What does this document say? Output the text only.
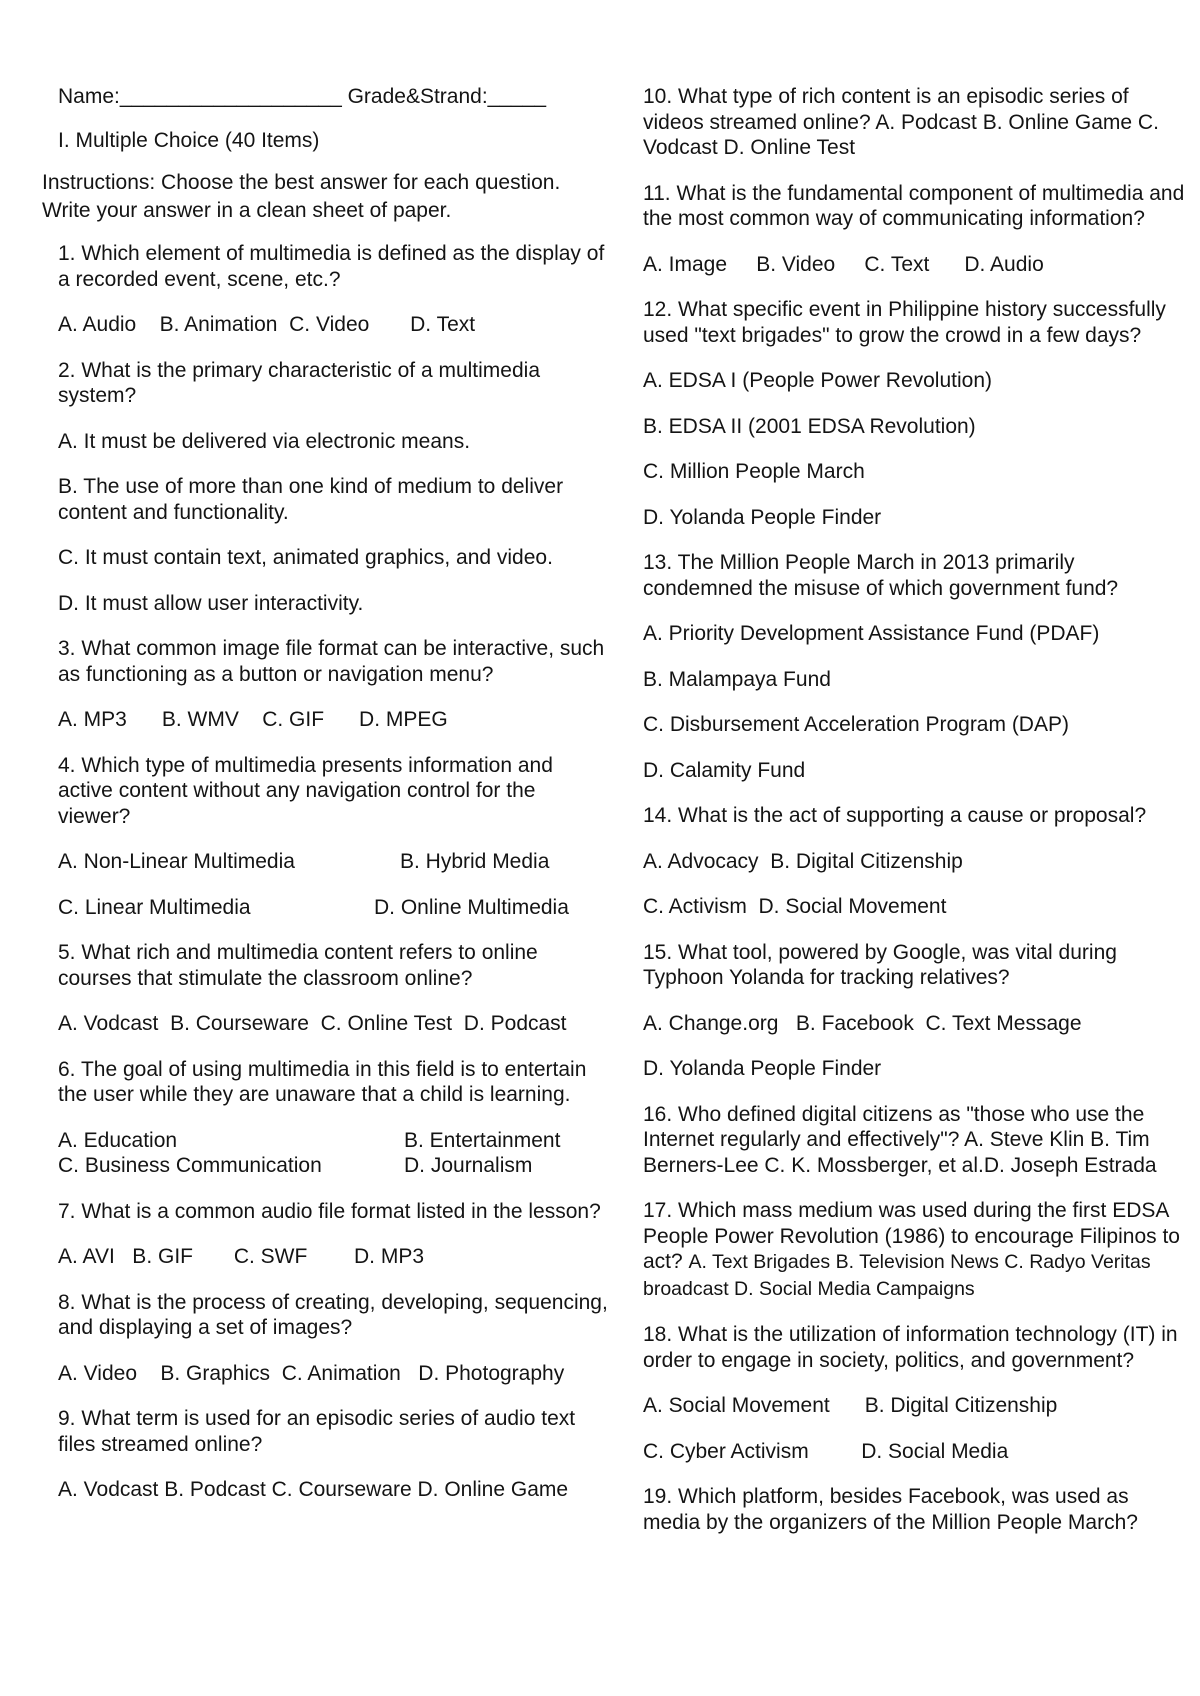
Name:___________________ Grade&Strand:_____
I. Multiple Choice (40 Items)
Instructions: Choose the best answer for each question. Write your answer in a clean sheet of paper.
1. Which element of multimedia is defined as the display of a recorded event, scene, etc.?
A. Audio    B. Animation  C. Video       D. Text
2. What is the primary characteristic of a multimedia system?
A. It must be delivered via electronic means.
B. The use of more than one kind of medium to deliver content and functionality.
C. It must contain text, animated graphics, and video.
D. It must allow user interactivity.
3. What common image file format can be interactive, such as functioning as a button or navigation menu?
A. MP3      B. WMV    C. GIF      D. MPEG
4. Which type of multimedia presents information and active content without any navigation control for the viewer?
A. Non-Linear Multimedia	B. Hybrid Media
C. Linear Multimedia	D. Online Multimedia
5. What rich and multimedia content refers to online courses that stimulate the classroom online?
A. Vodcast  B. Courseware  C. Online Test  D. Podcast
6. The goal of using multimedia in this field is to entertain the user while they are unaware that a child is learning.
A. Education	B. Entertainment
C. Business Communication	D. Journalism
7. What is a common audio file format listed in the lesson?
A. AVI   B. GIF       C. SWF        D. MP3
8. What is the process of creating, developing, sequencing, and displaying a set of images?
A. Video    B. Graphics  C. Animation   D. Photography
9. What term is used for an episodic series of audio text files streamed online?
A. Vodcast B. Podcast C. Courseware D. Online Game
10. What type of rich content is an episodic series of videos streamed online? A. Podcast B. Online Game C. Vodcast D. Online Test
11. What is the fundamental component of multimedia and the most common way of communicating information?
A. Image     B. Video     C. Text      D. Audio
12. What specific event in Philippine history successfully used "text brigades" to grow the crowd in a few days?
A. EDSA I (People Power Revolution)
B. EDSA II (2001 EDSA Revolution)
C. Million People March
D. Yolanda People Finder
13. The Million People March in 2013 primarily condemned the misuse of which government fund?
A. Priority Development Assistance Fund (PDAF)
B. Malampaya Fund
C. Disbursement Acceleration Program (DAP)
D. Calamity Fund
14. What is the act of supporting a cause or proposal?
A. Advocacy  B. Digital Citizenship
C. Activism  D. Social Movement
15. What tool, powered by Google, was vital during Typhoon Yolanda for tracking relatives?
A. Change.org   B. Facebook  C. Text Message
D. Yolanda People Finder
16. Who defined digital citizens as "those who use the Internet regularly and effectively"? A. Steve Klin B. Tim Berners-Lee C. K. Mossberger, et al.D. Joseph Estrada
17. Which mass medium was used during the first EDSA People Power Revolution (1986) to encourage Filipinos to act? A. Text Brigades B. Television News C. Radyo Veritas broadcast D. Social Media Campaigns
18. What is the utilization of information technology (IT) in order to engage in society, politics, and government?
A. Social Movement      B. Digital Citizenship
C. Cyber Activism         D. Social Media
19. Which platform, besides Facebook, was used as media by the organizers of the Million People March?
